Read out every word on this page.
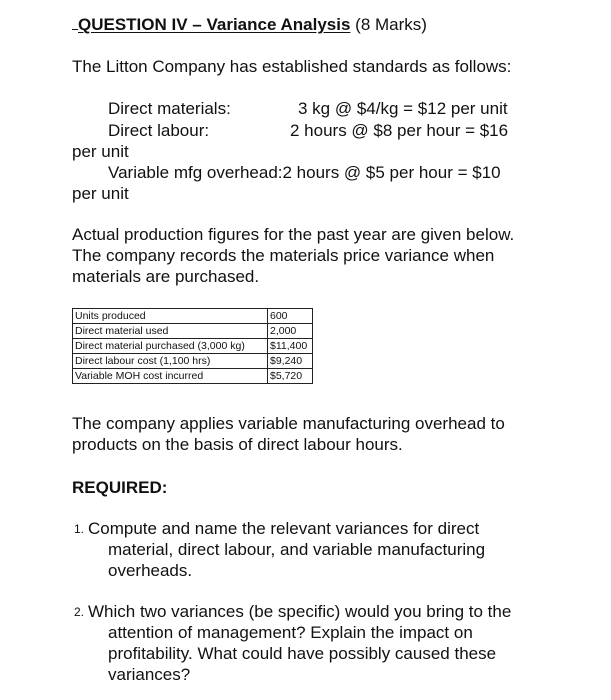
QUESTION IV – Variance Analysis (8 Marks)
The Litton Company has established standards as follows:
Direct materials:	3 kg @ $4/kg = $12 per unit
Direct labour:	2 hours @ $8 per hour = $16
per unit
Variable mfg overhead:2 hours @ $5 per hour = $10
per unit
Actual production figures for the past year are given below. The company records the materials price variance when materials are purchased.
Units produced	600
Direct material used	2,000
Direct material purchased (3,000 kg)	$11,400
Direct labour cost (1,100 hrs)	$9,240
Variable MOH cost incurred	$5,720
The company applies variable manufacturing overhead to products on the basis of direct labour hours.
REQUIRED:
1. Compute and name the relevant variances for direct
material, direct labour, and variable manufacturing
overheads.
2. Which two variances (be specific) would you bring to the
attention of management? Explain the impact on
profitability. What could have possibly caused these
variances?
